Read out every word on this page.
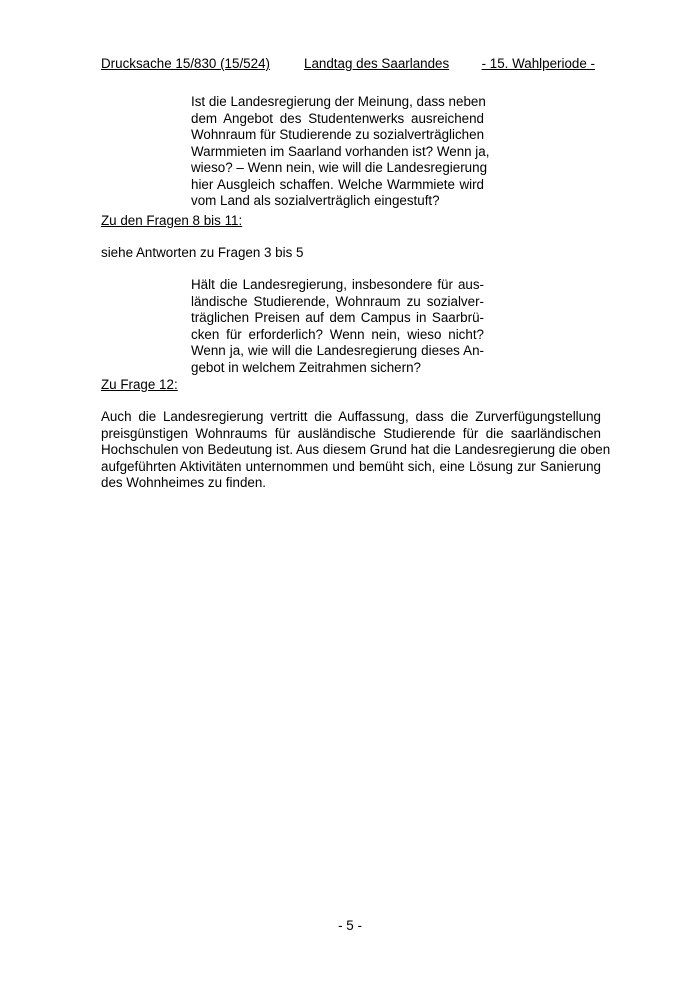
Drucksache 15/830 (15/524)	Landtag des Saarlandes - 15. Wahlperiode -
Ist die Landesregierung der Meinung, dass neben
dem Angebot des Studentenwerks ausreichend
Wohnraum für Studierende zu sozialverträglichen
Warmmieten im Saarland vorhanden ist? Wenn ja,
wieso? – Wenn nein, wie will die Landesregierung
hier Ausgleich schaffen. Welche Warmmiete wird
vom Land als sozialverträglich eingestuft?
Zu den Fragen 8 bis 11:
siehe Antworten zu Fragen 3 bis 5
Hält die Landesregierung, insbesondere für aus-
ländische Studierende, Wohnraum zu sozialver-
träglichen Preisen auf dem Campus in Saarbrü-
cken für erforderlich? Wenn nein, wieso nicht?
Wenn ja, wie will die Landesregierung dieses An-
gebot in welchem Zeitrahmen sichern?
Zu Frage 12:
Auch die Landesregierung vertritt die Auffassung, dass die Zurverfügungstellung
preisgünstigen Wohnraums für ausländische Studierende für die saarländischen
Hochschulen von Bedeutung ist. Aus diesem Grund hat die Landesregierung die oben
aufgeführten Aktivitäten unternommen und bemüht sich, eine Lösung zur Sanierung
des Wohnheimes zu finden.
- 5 -
